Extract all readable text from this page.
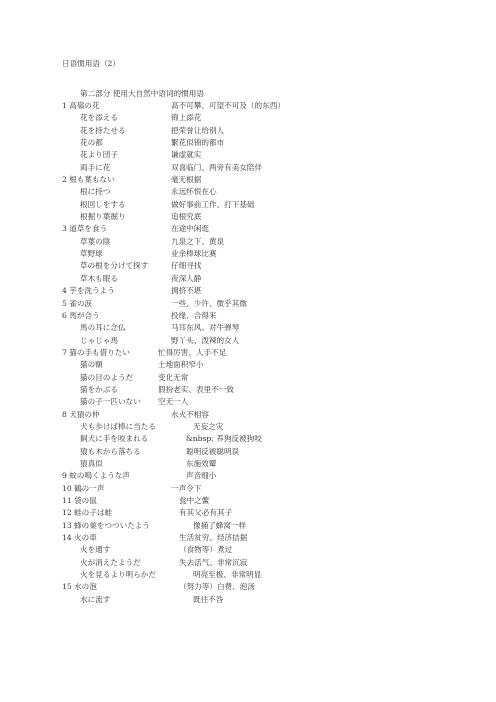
日语惯用语（2）
第二部分 使用大自然中语词的惯用语
1 高嶺の花	高不可攀、可望不可及（的东西）
花を添える	锦上添花
花を持たせる	把荣誉让给别人
花の都	繁花似锦的都市
花より団子	谦虚就实
両手に花	双喜临门、两旁有美女陪伴
2 根も葉もない	毫无根据
根に持つ	永远怀恨在心
根回しをする	做好事前工作、打下基础
根掘り葉掘り	追根究底
3 道草を食う	在途中闲逛
草葉の陰	九泉之下、黄泉
草野球	业余棒球比赛
草の根を分けて探す	仔细寻找
草木も眠る	夜深人静
4 芋を洗うよう	拥挤不堪
5 雀の涙	一些、少许、微乎其微
6 馬が合う	投缘、合得来
馬の耳に念仏	马耳东风、对牛弹琴
じゃじゃ馬	野丫头、泼辣的女人
7 猫の手も借りたい	忙得厉害、人手不足
猫の額	土地面积窄小
猫の目のようだ	变化无常
猫をかぶる	假扮老实、表里不一致
猫の子一匹いない 空无一人
8 犬猿の仲	水火不相容
犬も歩けば棒に当たる	无妄之灾
飼犬に手を咬まれる	&nbsp; 养狗反被狗咬
猿も木から落ちる	聪明反被聪明误
猿真似	东施效颦
9 蚊の鳴くような声	声音细小
10 鶴の一声	一声令下
11 袋の鼠	瓮中之鳖
12 蛙の子は蛙	有其父必有其子
13 蜂の巣をつついたよう	像捅了蜂窝一样
14 火の車	生活贫穷、经济拮据
火を通す	（食物等）煮过
火が消えたようだ	失去活气、非常沉寂
火を見るより明らかだ	明亮至极、非常明显
15 水の泡	（努力等）白费、泡汤
水に流す	既往不咎
